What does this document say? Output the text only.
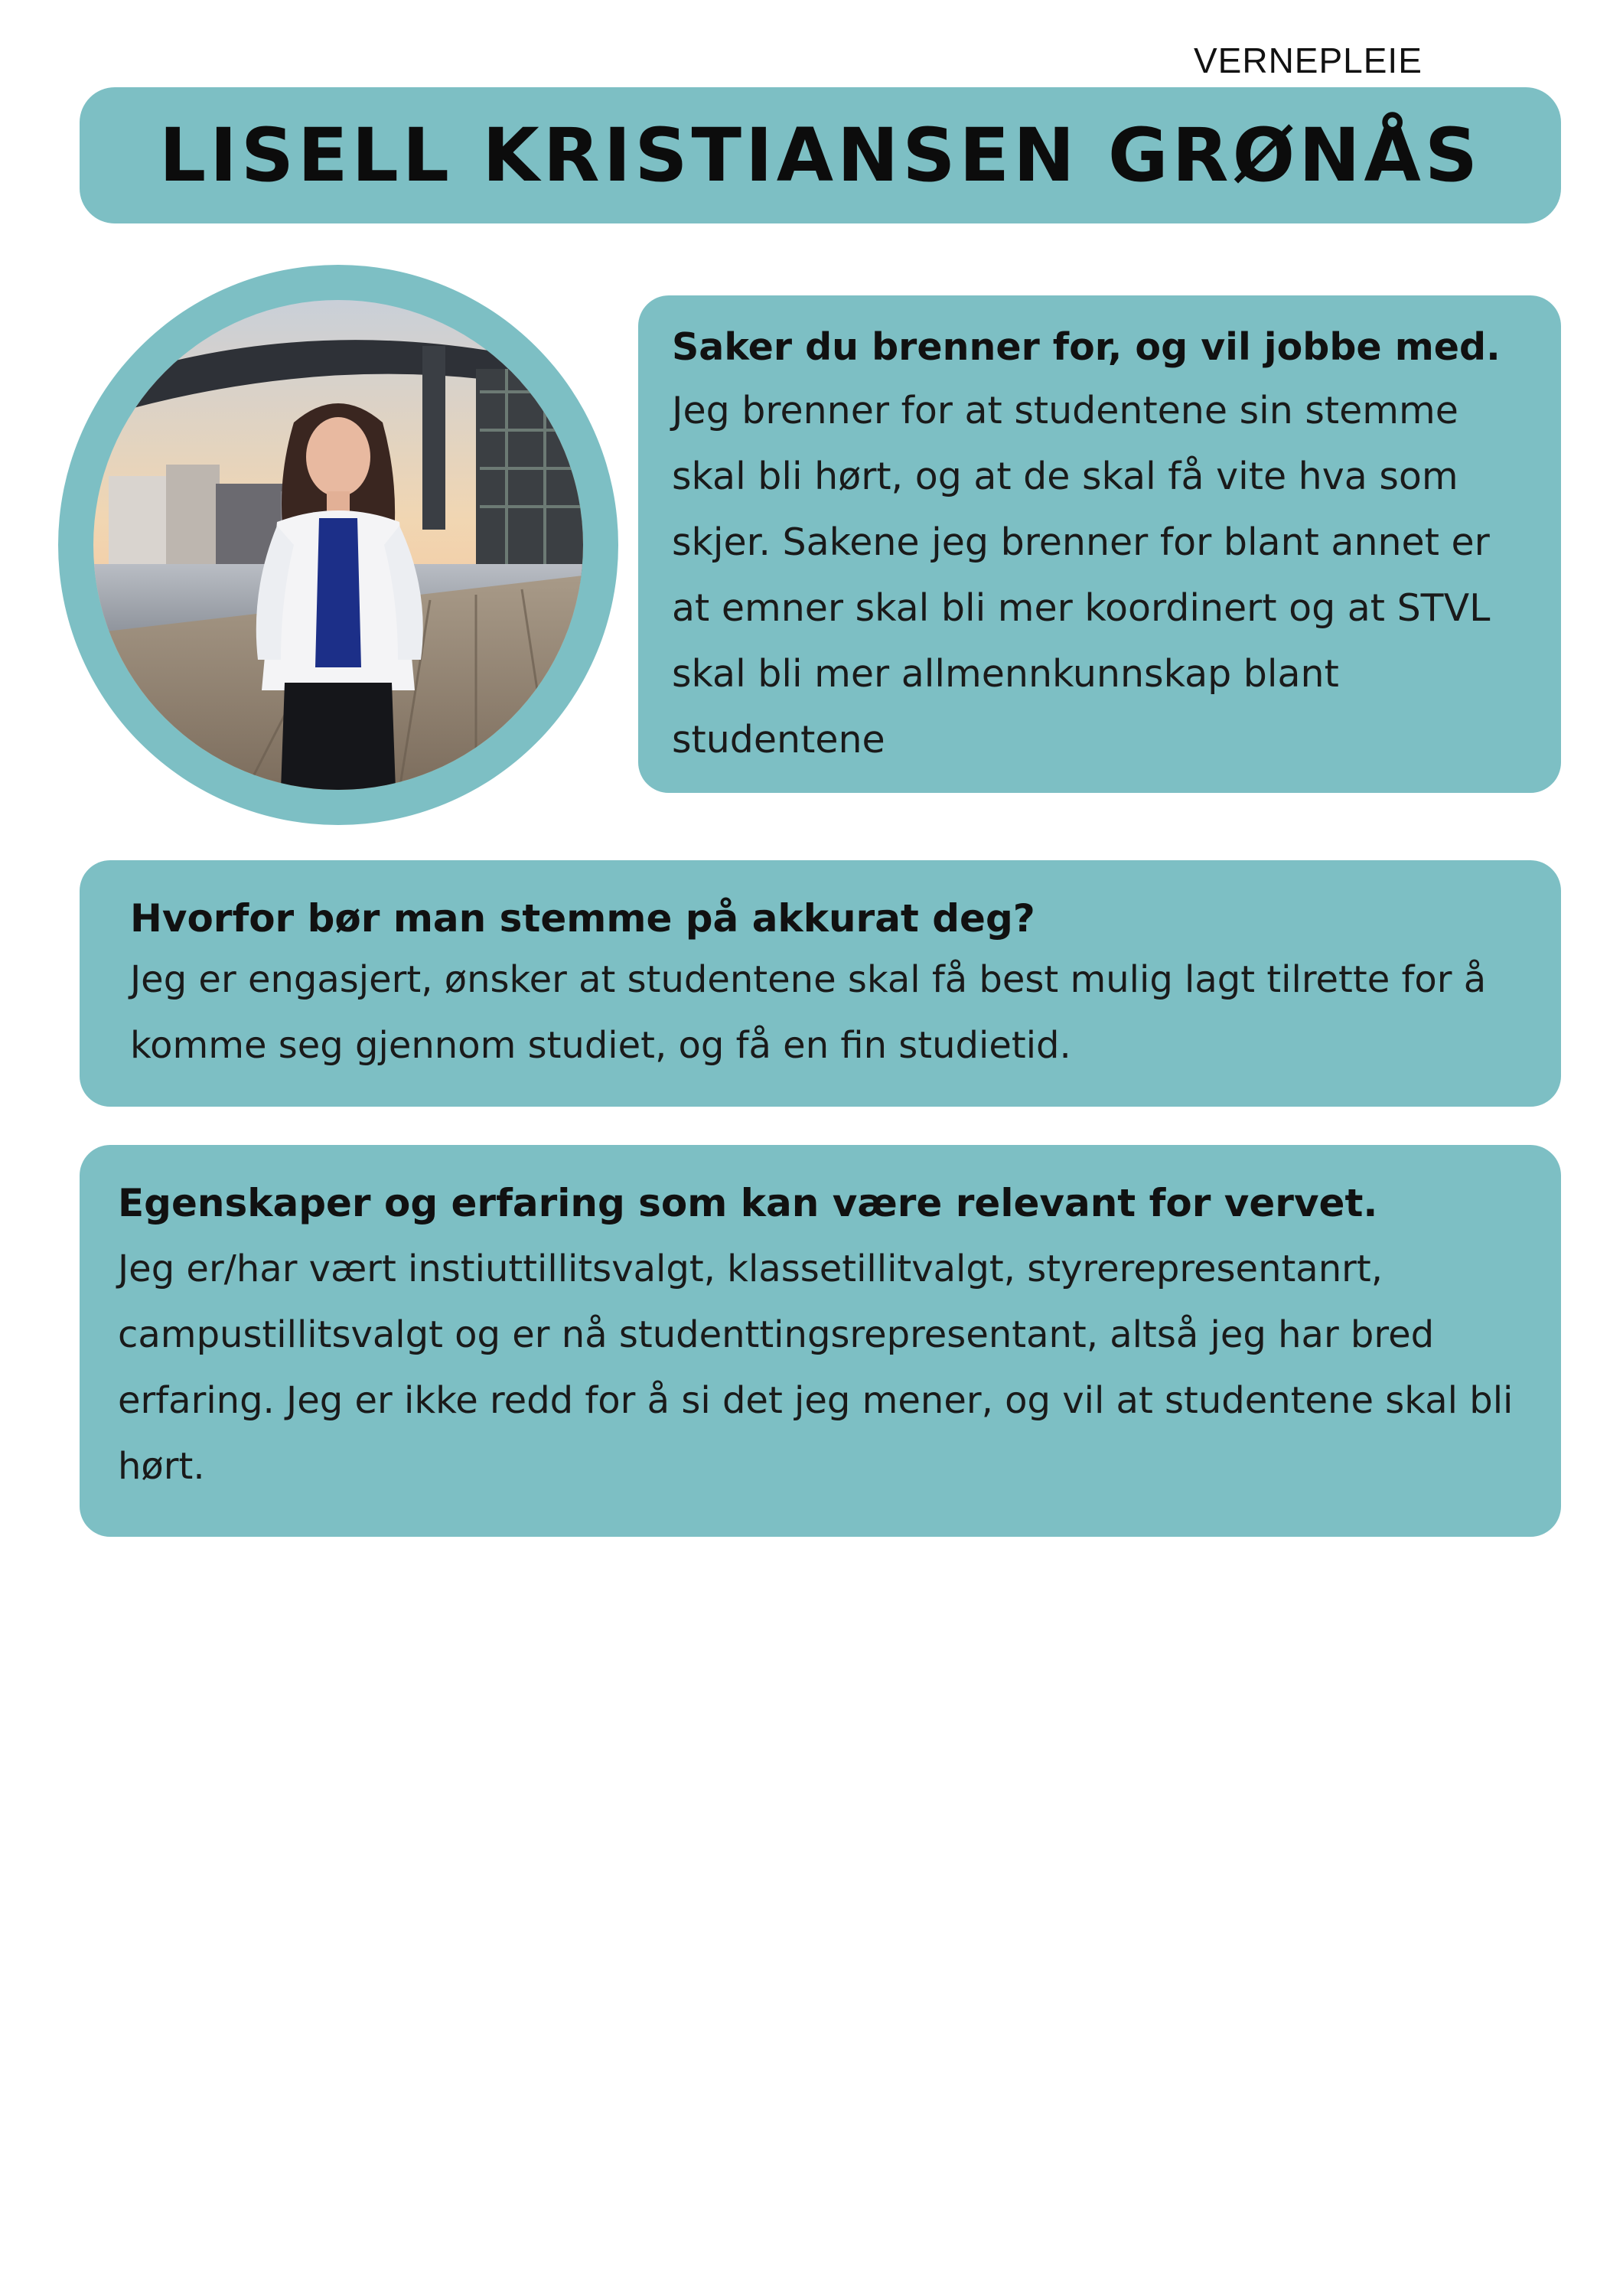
VERNEPLEIE
LISELL KRISTIANSEN GRØNÅS
Saker du brenner for, og vil jobbe med.

Jeg brenner for at studentene sin stemme skal bli hørt, og at de skal få vite hva som skjer. Sakene jeg brenner for blant annet er at emner skal bli mer koordinert og at STVL skal bli mer allmennkunnskap blant studentene

Hvorfor bør man stemme på akkurat deg?

Jeg er engasjert, ønsker at studentene skal få best mulig lagt tilrette for å komme seg gjennom studiet, og få en fin studietid.

Egenskaper og erfaring som kan være relevant for vervet.

Jeg er/har vært instiuttillitsvalgt, klassetillitvalgt, styrerepresentanrt, campustillitsvalgt og er nå studenttingsrepresentant, altså jeg har bred erfaring. Jeg er ikke redd for å si det jeg mener, og vil at studentene skal bli hørt.
